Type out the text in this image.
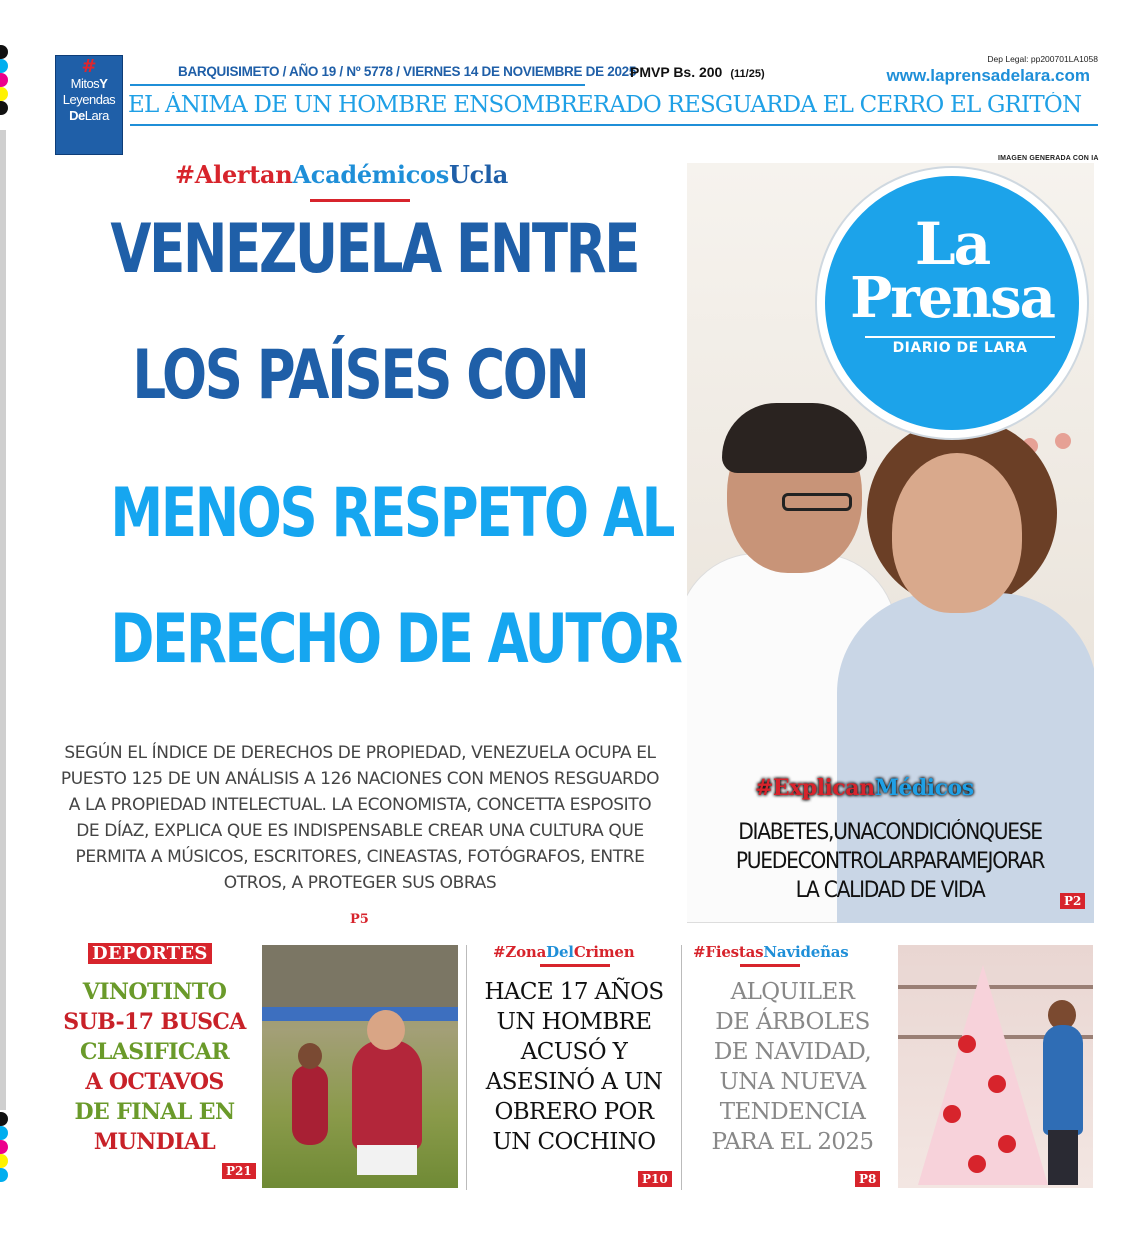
#
MitosY
Leyendas
DeLara
BARQUISIMETO / AÑO 19 / Nº 5778 / VIERNES 14 DE NOVIEMBRE DE 2025
PMVP Bs. 200 (11/25)
Dep Legal: pp200701LA1058
www.laprensadelara.com
EL ÁNIMA DE UN HOMBRE ENSOMBRERADO RESGUARDA EL CERRO EL GRITÓN
#AlertanAcadémicosUcla
VENEZUELA ENTRE
LOS PAÍSES CON
MENOS RESPETO AL
DERECHO DE AUTOR
SEGÚN EL ÍNDICE DE DERECHOS DE PROPIEDAD, VENEZUELA OCUPA EL PUESTO 125 DE UN ANÁLISIS A 126 NACIONES CON MENOS RESGUARDO A LA PROPIEDAD INTELECTUAL. LA ECONOMISTA, CONCETTA ESPOSITO DE DÍAZ, EXPLICA QUE ES INDISPENSABLE CREAR UNA CULTURA QUE PERMITA A MÚSICOS, ESCRITORES, CINEASTAS, FOTÓGRAFOS, ENTRE OTROS, A PROTEGER SUS OBRAS
P5
IMAGEN GENERADA CON IA
La
Prensa
DIARIO DE LARA
#ExplicanMédicos
DIABETES,UNACONDICIÓNQUESE
PUEDECONTROLARPARAMEJORAR
LA CALIDAD DE VIDA	P2
DEPORTES
VINOTINTO
SUB-17 BUSCA
CLASIFICAR
A OCTAVOS
DE FINAL EN
MUNDIAL
P21
#ZonaDelCrimen
HACE 17 AÑOS
UN HOMBRE
ACUSÓ Y
ASESINÓ A UN
OBRERO POR
UN COCHINO
P10
#FiestasNavideñas
ALQUILER
DE ÁRBOLES
DE NAVIDAD,
UNA NUEVA
TENDENCIA
PARA EL 2025
P8
